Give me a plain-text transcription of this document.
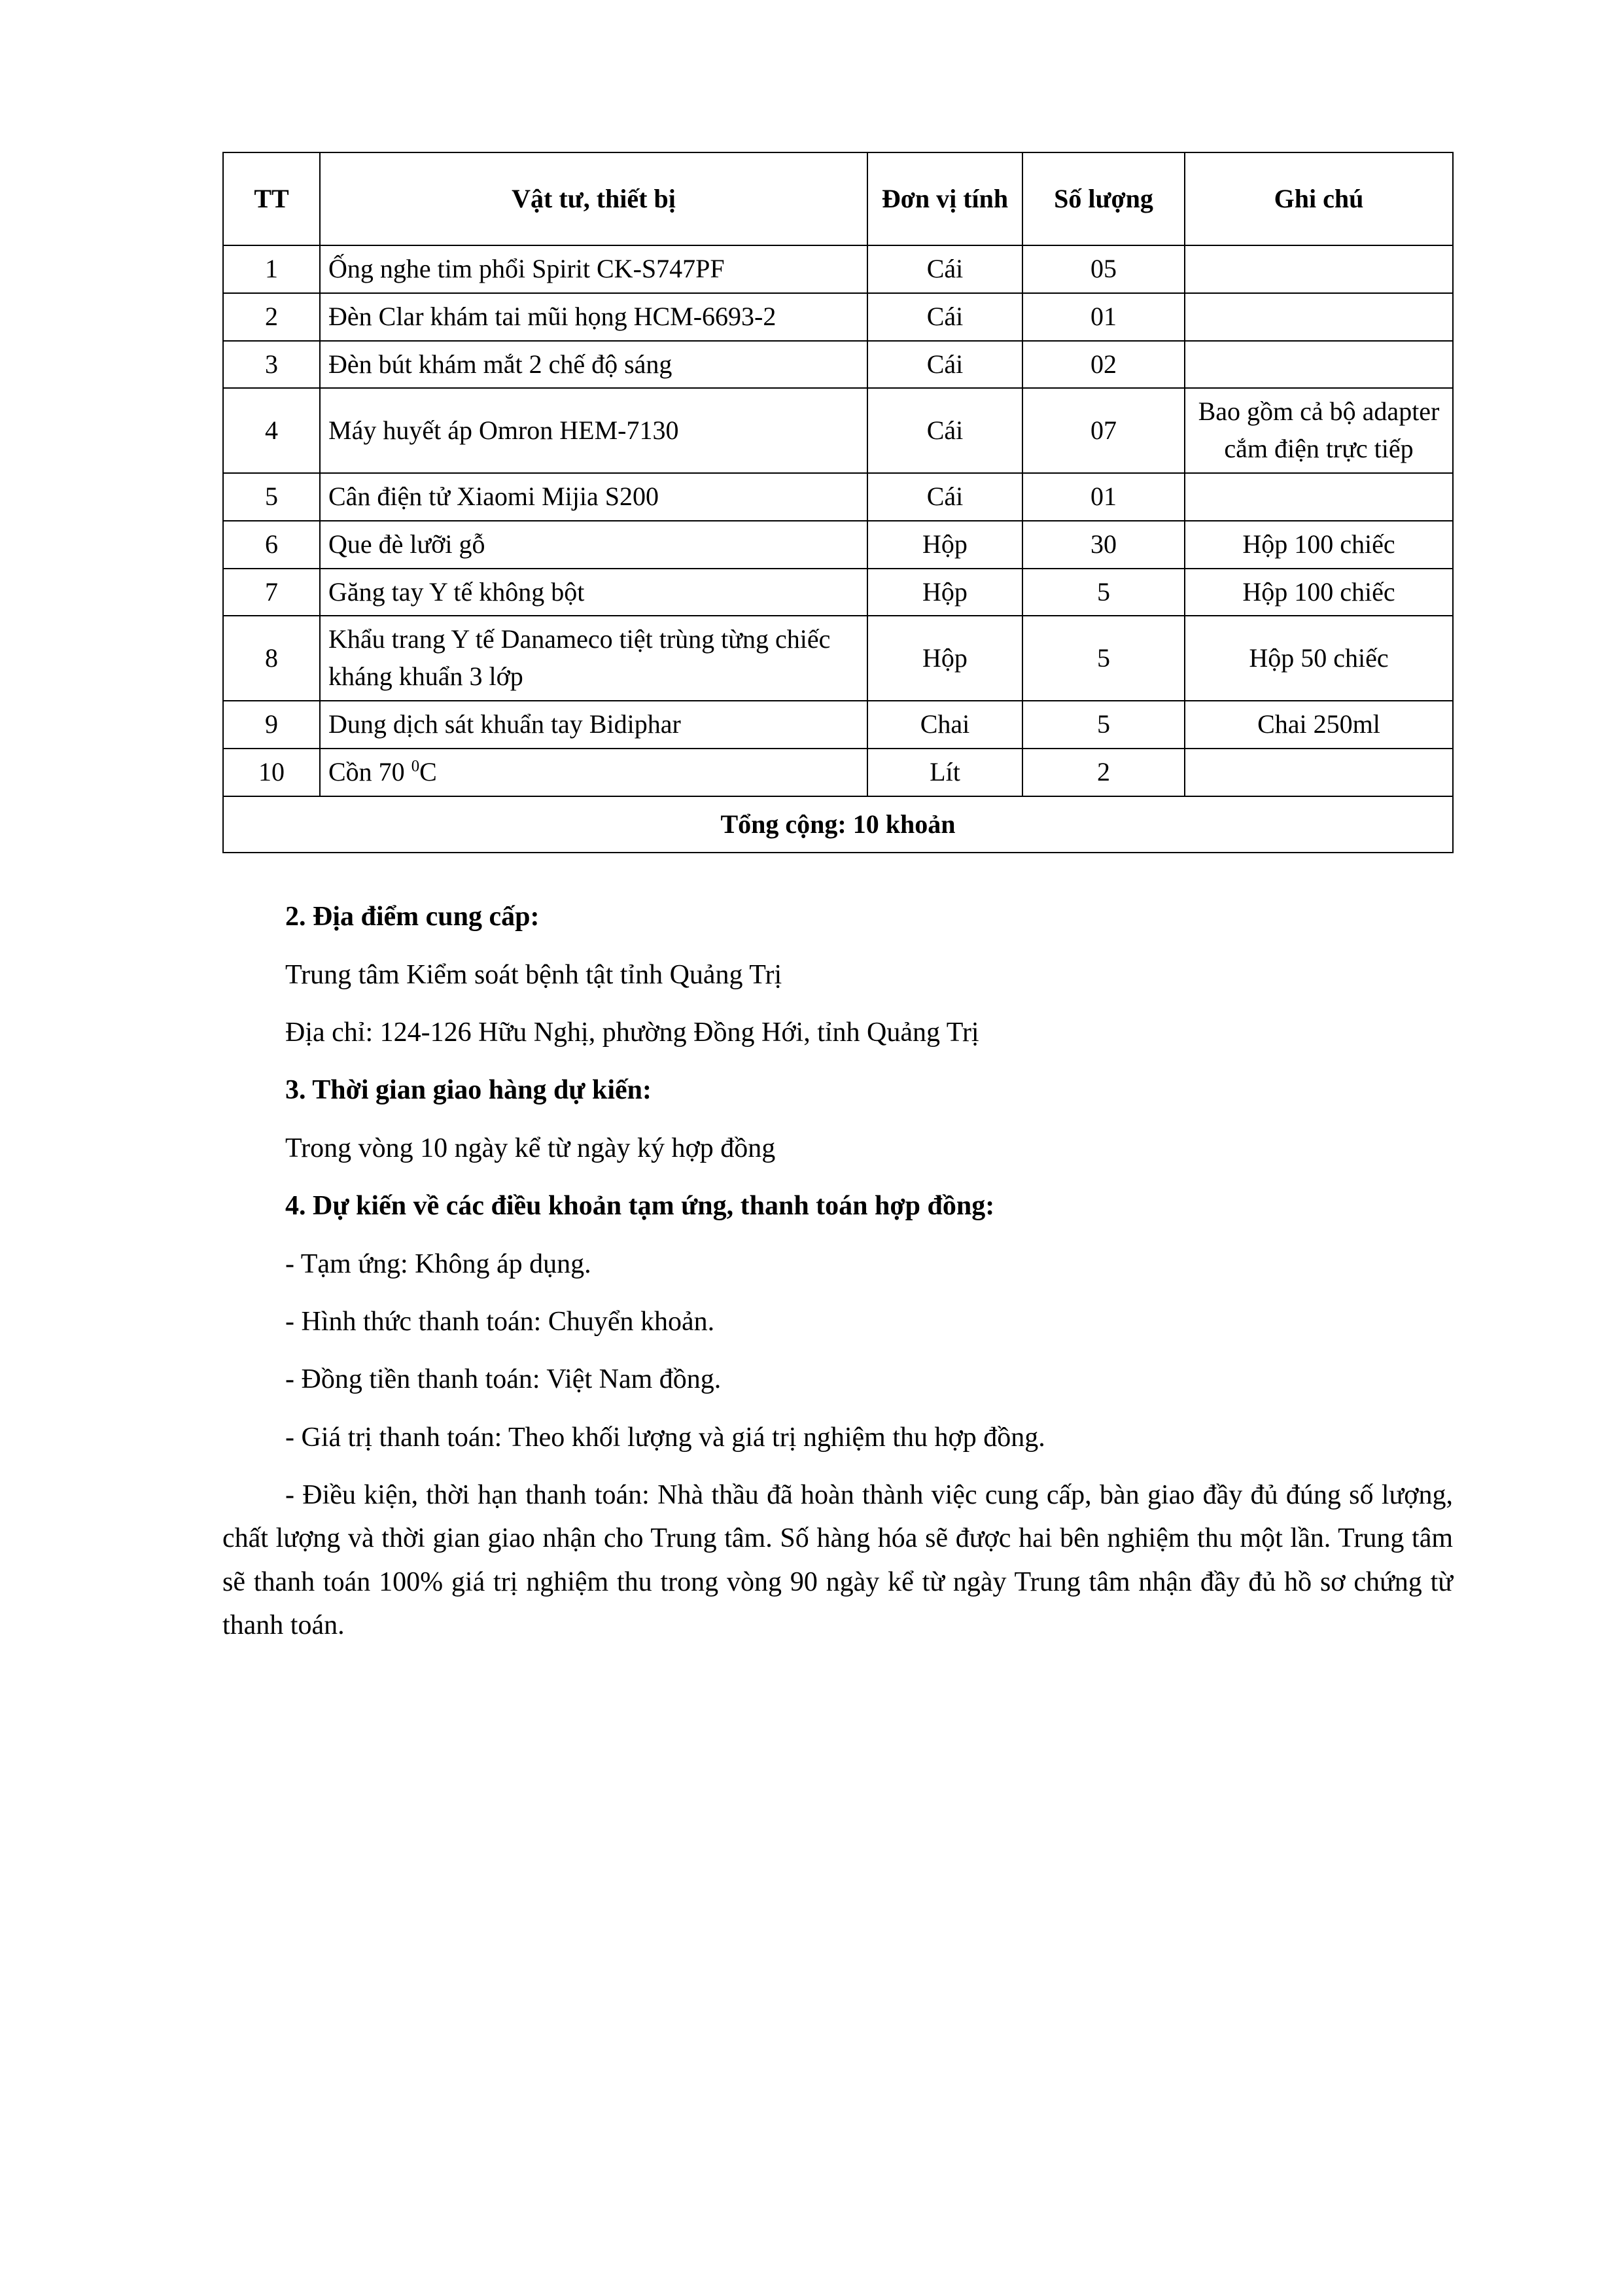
TT	Vật tư, thiết bị	Đơn vị tính	Số lượng	Ghi chú
1	Ống nghe tim phổi Spirit CK-S747PF	Cái	05	
2	Đèn Clar khám tai mũi họng HCM-6693-2	Cái	01	
3	Đèn bút khám mắt 2 chế độ sáng	Cái	02	
4	Máy huyết áp Omron HEM-7130	Cái	07	Bao gồm cả bộ adapter cắm điện trực tiếp
5	Cân điện tử Xiaomi Mijia S200	Cái	01	
6	Que đè lưỡi gỗ	Hộp	30	Hộp 100 chiếc
7	Găng tay Y tế không bột	Hộp	5	Hộp 100 chiếc
8	Khẩu trang Y tế Danameco tiệt trùng từng chiếc kháng khuẩn 3 lớp	Hộp	5	Hộp 50 chiếc
9	Dung dịch sát khuẩn tay Bidiphar	Chai	5	Chai 250ml
10	Cồn 70 $^0$C	Lít	2	
Tổng cộng: 10 khoản				

2. Địa điểm cung cấp:

Trung tâm Kiểm soát bệnh tật tỉnh Quảng Trị

Địa chỉ: 124-126 Hữu Nghị, phường Đồng Hới, tỉnh Quảng Trị

3. Thời gian giao hàng dự kiến:

Trong vòng 10 ngày kể từ ngày ký hợp đồng

4. Dự kiến về các điều khoản tạm ứng, thanh toán hợp đồng:

- Tạm ứng: Không áp dụng.

- Hình thức thanh toán: Chuyển khoản.

- Đồng tiền thanh toán: Việt Nam đồng.

- Giá trị thanh toán: Theo khối lượng và giá trị nghiệm thu hợp đồng.

- Điều kiện, thời hạn thanh toán: Nhà thầu đã hoàn thành việc cung cấp, bàn giao đầy đủ đúng số lượng, chất lượng và thời gian giao nhận cho Trung tâm. Số hàng hóa sẽ được hai bên nghiệm thu một lần. Trung tâm sẽ thanh toán 100% giá trị nghiệm thu trong vòng 90 ngày kể từ ngày Trung tâm nhận đầy đủ hồ sơ chứng từ thanh toán.
